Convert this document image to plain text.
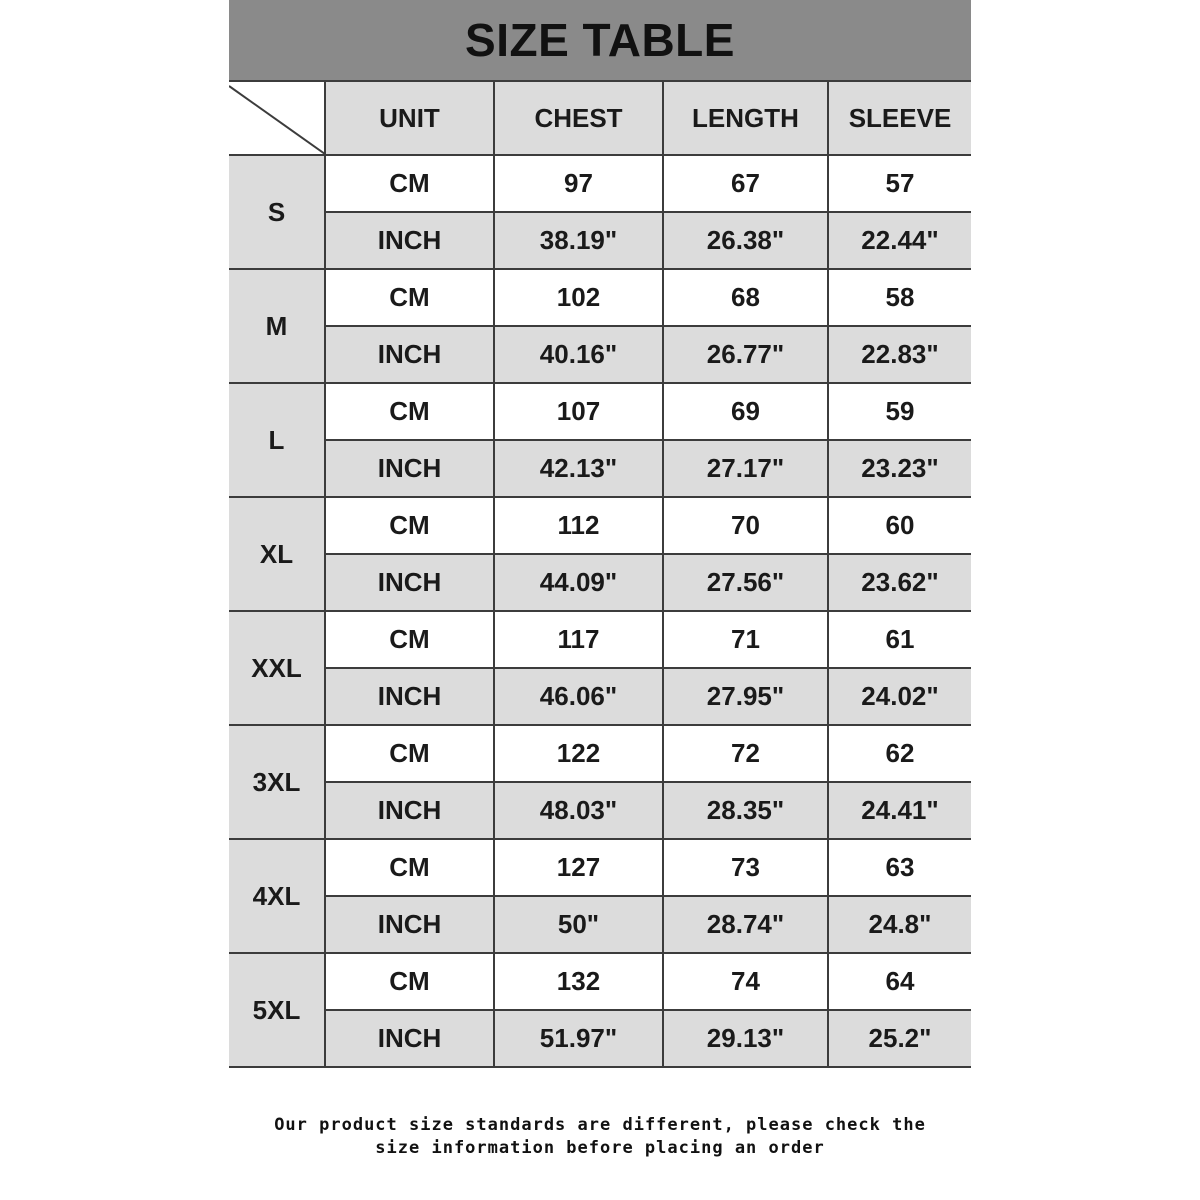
SIZE TABLE
	UNIT	CHEST	LENGTH	SLEEVE
S	CM	97	67	57
	INCH	38.19"	26.38"	22.44"
M	CM	102	68	58
	INCH	40.16"	26.77"	22.83"
L	CM	107	69	59
	INCH	42.13"	27.17"	23.23"
XL	CM	112	70	60
	INCH	44.09"	27.56"	23.62"
XXL	CM	117	71	61
	INCH	46.06"	27.95"	24.02"
3XL	CM	122	72	62
	INCH	48.03"	28.35"	24.41"
4XL	CM	127	73	63
	INCH	50"	28.74"	24.8"
5XL	CM	132	74	64
	INCH	51.97"	29.13"	25.2"
Our product size standards are different, please check the
size information before placing an order
